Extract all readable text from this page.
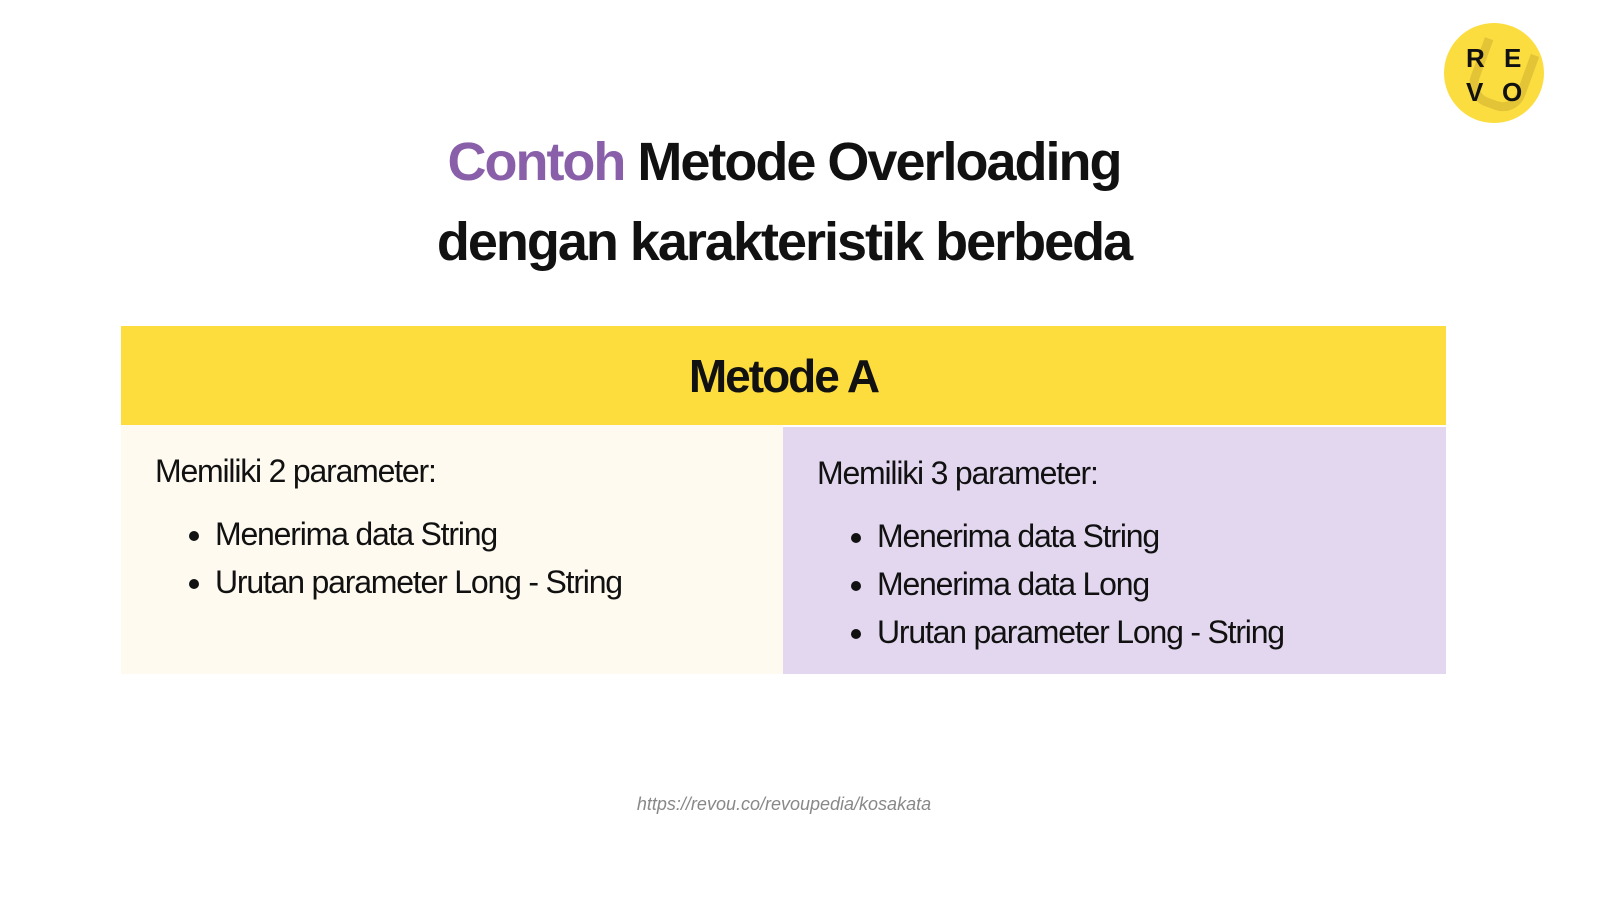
R E
V O
Contoh Metode Overloading
dengan karakteristik berbeda
Metode A
Memiliki 2 parameter:
• Menerima data String
• Urutan parameter Long - String
Memiliki 3 parameter:
• Menerima data String
• Menerima data Long
• Urutan parameter Long - String
https://revou.co/revoupedia/kosakata
